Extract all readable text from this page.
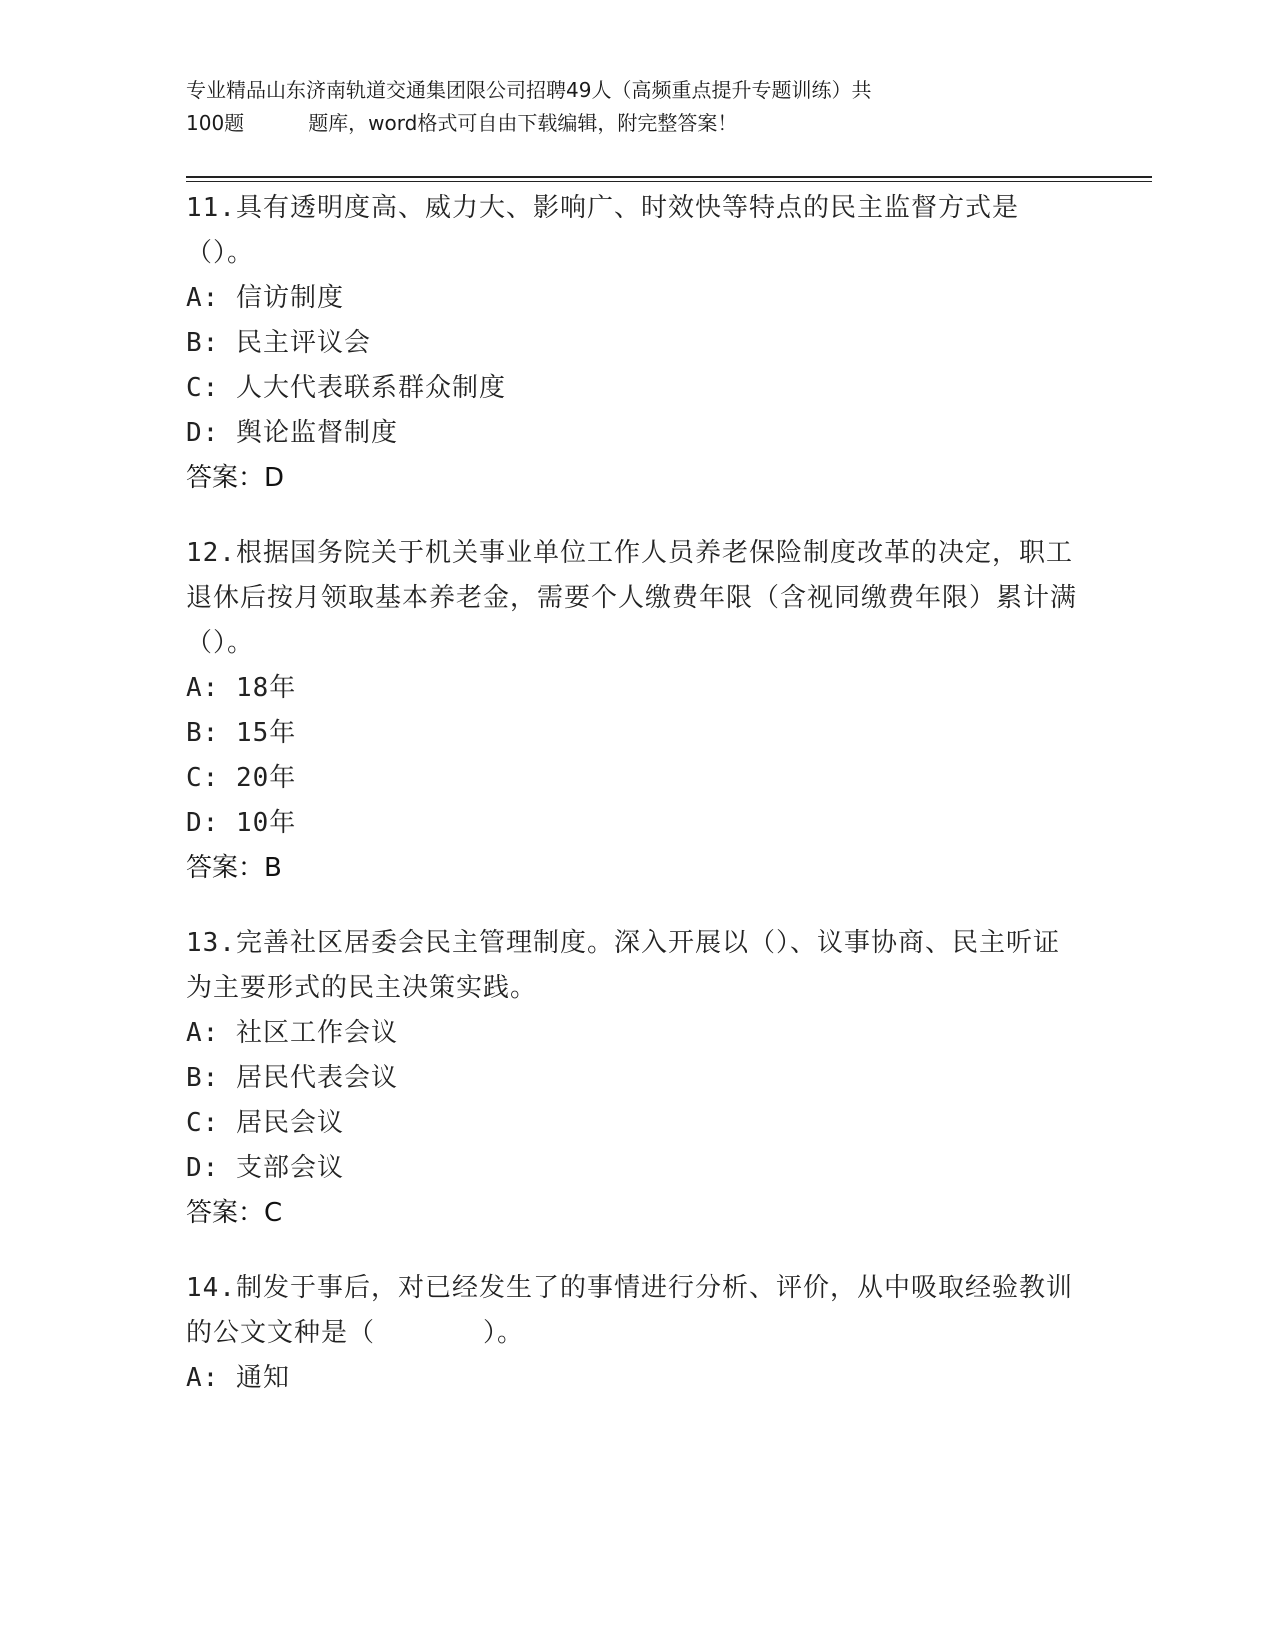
专业精品山东济南轨道交通集团限公司招聘49人（高频重点提升专题训练）共
100题	题库，word格式可自由下载编辑，附完整答案！
11.具有透明度高、威力大、影响广、时效快等特点的民主监督方式是（）。
A: 信访制度
B: 民主评议会
C: 人大代表联系群众制度
D: 舆论监督制度
答案：D
12.根据国务院关于机关事业单位工作人员养老保险制度改革的决定，职工退休后按月领取基本养老金，需要个人缴费年限（含视同缴费年限）累计满（）。
A: 18年
B: 15年
C: 20年
D: 10年
答案：B
13.完善社区居委会民主管理制度。深入开展以（）、议事协商、民主听证为主要形式的民主决策实践。
A: 社区工作会议
B: 居民代表会议
C: 居民会议
D: 支部会议
答案：C
14.制发于事后，对已经发生了的事情进行分析、评价，从中吸取经验教训的公文文种是（　　　　）。
A: 通知
